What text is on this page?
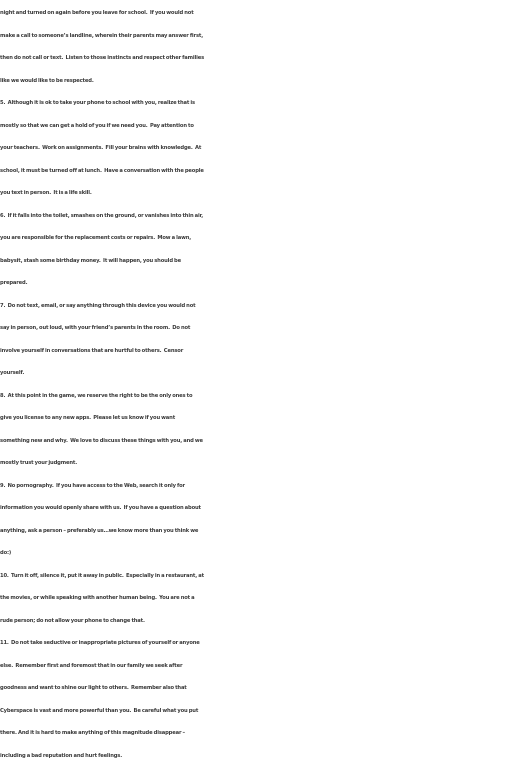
night and turned on again before you leave for school.  If you would not
make a call to someone’s landline, wherein their parents may answer first,
then do not call or text.  Listen to those instincts and respect other families
like we would like to be respected.
5.  Although it is ok to take your phone to school with you, realize that is
mostly so that we can get a hold of you if we need you.  Pay attention to
your teachers.  Work on assignments.  Fill your brains with knowledge.  At
school, it must be turned off at lunch.  Have a conversation with the people
you text in person.  It is a life skill.
6.  If it falls into the toilet, smashes on the ground, or vanishes into thin air,
you are responsible for the replacement costs or repairs.  Mow a lawn,
babysit, stash some birthday money.  It will happen, you should be
prepared.
7.  Do not text, email, or say anything through this device you would not
say in person, out loud, with your friend’s parents in the room.  Do not
involve yourself in conversations that are hurtful to others.  Censor
yourself.
8.  At this point in the game, we reserve the right to be the only ones to
give you license to any new apps.  Please let us know if you want
something new and why.  We love to discuss these things with you, and we
mostly trust your judgment.
9.  No pornography.  If you have access to the Web, search it only for
information you would openly share with us.  If you have a question about
anything, ask a person – preferably us…we know more than you think we
do:)
10.  Turn it off, silence it, put it away in public.  Especially in a restaurant, at
the movies, or while speaking with another human being.  You are not a
rude person; do not allow your phone to change that.
11.  Do not take seductive or inappropriate pictures of yourself or anyone
else.  Remember first and foremost that in our family we seek after
goodness and want to shine our light to others.  Remember also that
Cyberspace is vast and more powerful than you.  Be careful what you put
there. And it is hard to make anything of this magnitude disappear –
including a bad reputation and hurt feelings.
